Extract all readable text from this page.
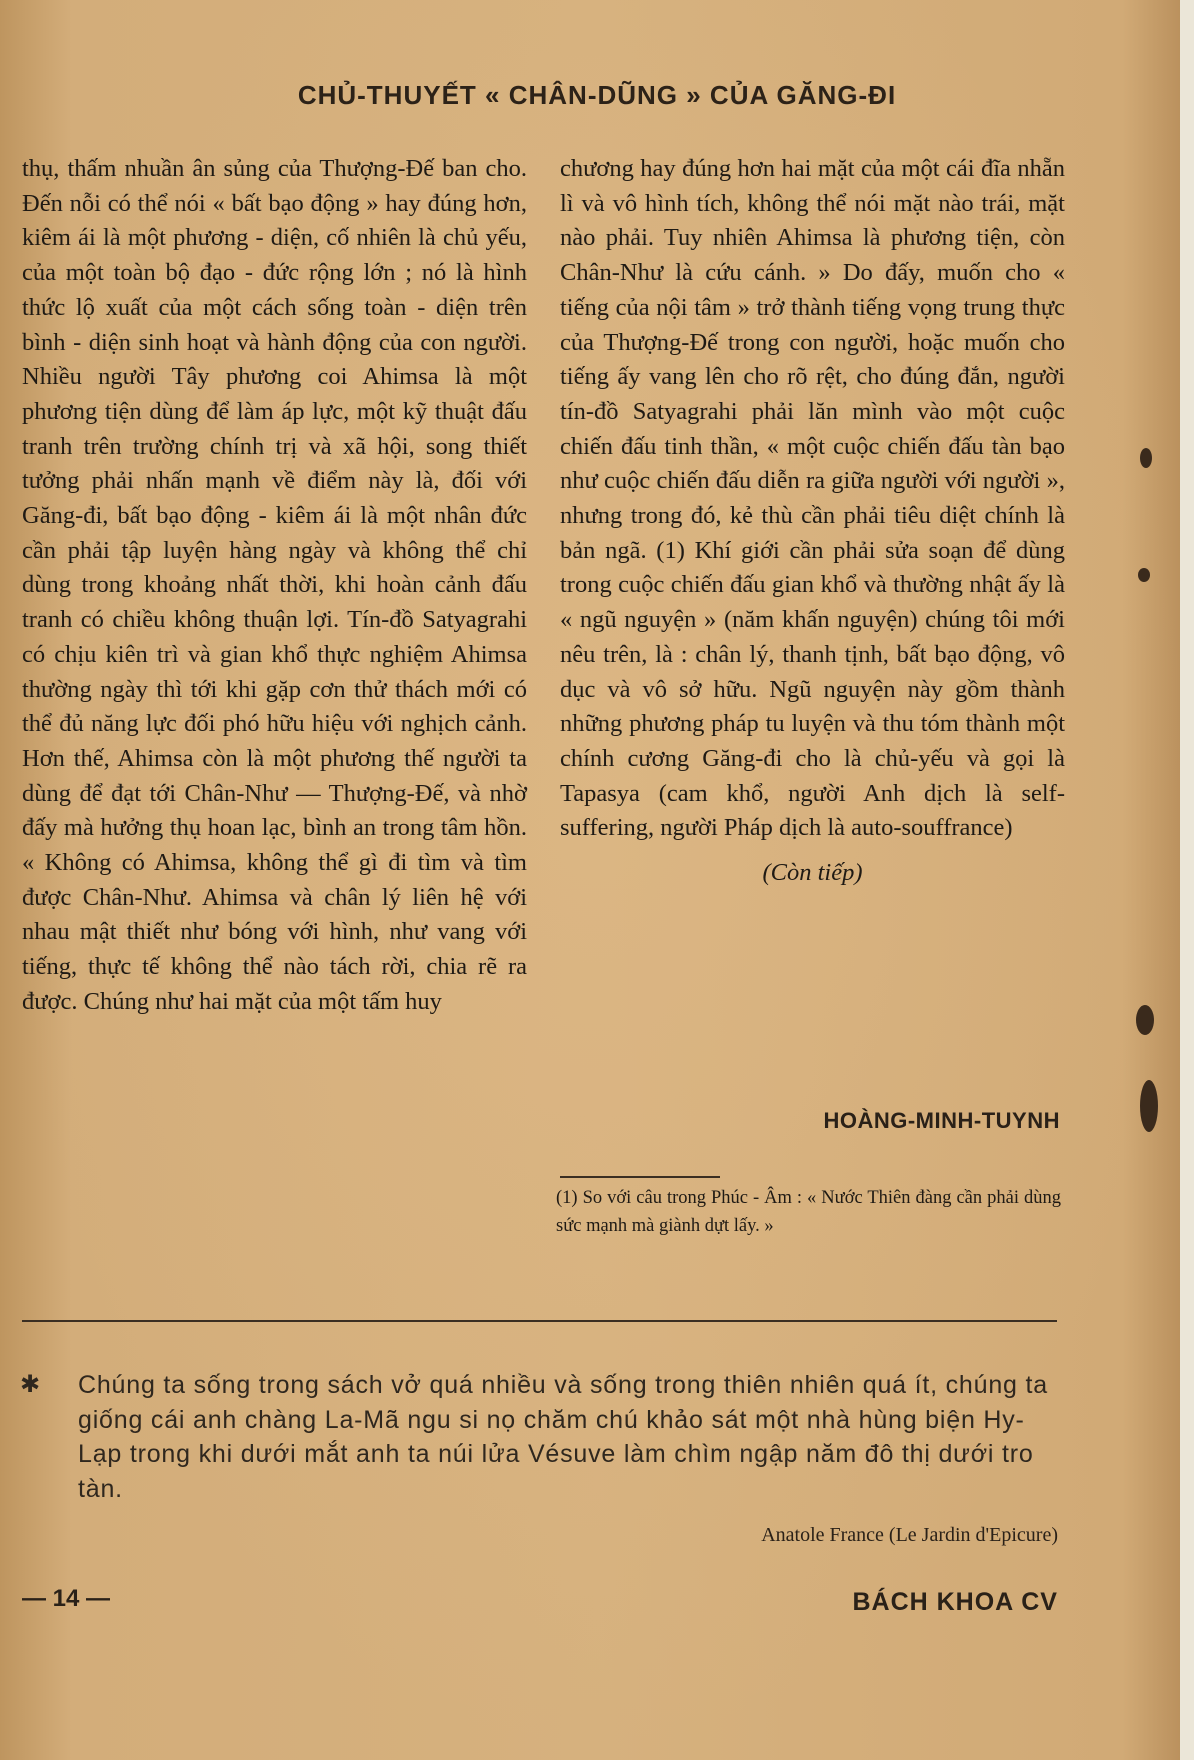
CHỦ-THUYẾT « CHÂN-DŨNG » CỦA GĂNG-ĐI

thụ, thấm nhuần ân sủng của Thượng-Đế ban cho. Đến nỗi có thể nói « bất bạo động » hay đúng hơn, kiêm ái là một phương - diện, cố nhiên là chủ yếu, của một toàn bộ đạo - đức rộng lớn ; nó là hình thức lộ xuất của một cách sống toàn - diện trên bình - diện sinh hoạt và hành động của con người. Nhiều người Tây phương coi Ahimsa là một phương tiện dùng để làm áp lực, một kỹ thuật đấu tranh trên trường chính trị và xã hội, song thiết tưởng phải nhấn mạnh về điểm này là, đối với Găng-đi, bất bạo động - kiêm ái là một nhân đức cần phải tập luyện hàng ngày và không thể chỉ dùng trong khoảng nhất thời, khi hoàn cảnh đấu tranh có chiều không thuận lợi. Tín-đồ Satyagrahi có chịu kiên trì và gian khổ thực nghiệm Ahimsa thường ngày thì tới khi gặp cơn thử thách mới có thể đủ năng lực đối phó hữu hiệu với nghịch cảnh. Hơn thế, Ahimsa còn là một phương thế người ta dùng để đạt tới Chân-Như — Thượng-Đế, và nhờ đấy mà hưởng thụ hoan lạc, bình an trong tâm hồn. « Không có Ahimsa, không thể gì đi tìm và tìm được Chân-Như. Ahimsa và chân lý liên hệ với nhau mật thiết như bóng với hình, như vang với tiếng, thực tế không thể nào tách rời, chia rẽ ra được. Chúng như hai mặt của một tấm huy

chương hay đúng hơn hai mặt của một cái đĩa nhẵn lì và vô hình tích, không thể nói mặt nào trái, mặt nào phải. Tuy nhiên Ahimsa là phương tiện, còn Chân-Như là cứu cánh. » Do đấy, muốn cho « tiếng của nội tâm » trở thành tiếng vọng trung thực của Thượng-Đế trong con người, hoặc muốn cho tiếng ấy vang lên cho rõ rệt, cho đúng đắn, người tín-đồ Satyagrahi phải lăn mình vào một cuộc chiến đấu tinh thần, « một cuộc chiến đấu tàn bạo như cuộc chiến đấu diễn ra giữa người với người », nhưng trong đó, kẻ thù cần phải tiêu diệt chính là bản ngã. (1) Khí giới cần phải sửa soạn để dùng trong cuộc chiến đấu gian khổ và thường nhật ấy là « ngũ nguyện » (năm khấn nguyện) chúng tôi mới nêu trên, là : chân lý, thanh tịnh, bất bạo động, vô dục và vô sở hữu. Ngũ nguyện này gồm thành những phương pháp tu luyện và thu tóm thành một chính cương Găng-đi cho là chủ-yếu và gọi là Tapasya (cam khổ, người Anh dịch là self-suffering, người Pháp dịch là auto-souffrance)

(Còn tiếp)

HOÀNG-MINH-TUYNH

(1) So với câu trong Phúc - Âm : « Nước Thiên đàng cần phải dùng sức mạnh mà giành dựt lấy. »

✱ Chúng ta sống trong sách vở quá nhiều và sống trong thiên nhiên quá ít, chúng ta giống cái anh chàng La-Mã ngu si nọ chăm chú khảo sát một nhà hùng biện Hy-Lạp trong khi dưới mắt anh ta núi lửa Vésuve làm chìm ngập năm đô thị dưới tro tàn.

Anatole France (Le Jardin d'Epicure)
— 14 —	BÁCH KHOA CV
